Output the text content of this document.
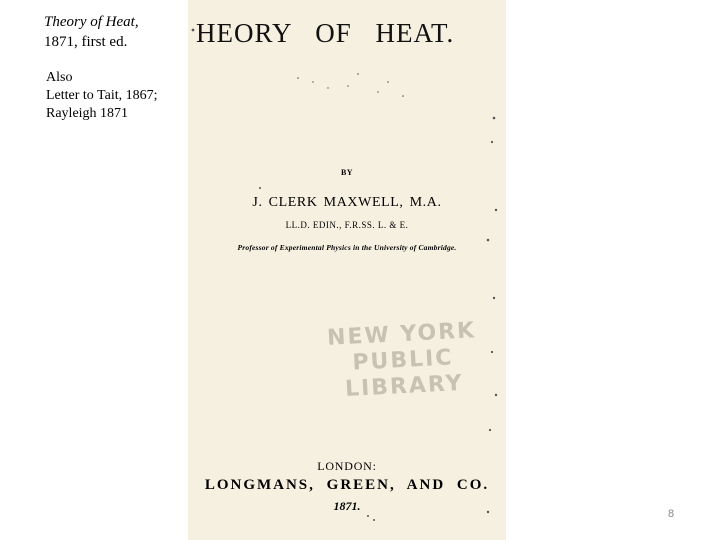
Theory of Heat,
1871, first ed.
Also
Letter to Tait, 1867;
Rayleigh 1871
HEORY OF HEAT.
BY
J. CLERK MAXWELL, M.A.
LL.D. EDIN., F.R.SS. L. & E.
Professor of Experimental Physics in the University of Cambridge.
NEW YORK
PUBLIC
LIBRARY
LONDON:
LONGMANS, GREEN, AND CO.
1871.
8
